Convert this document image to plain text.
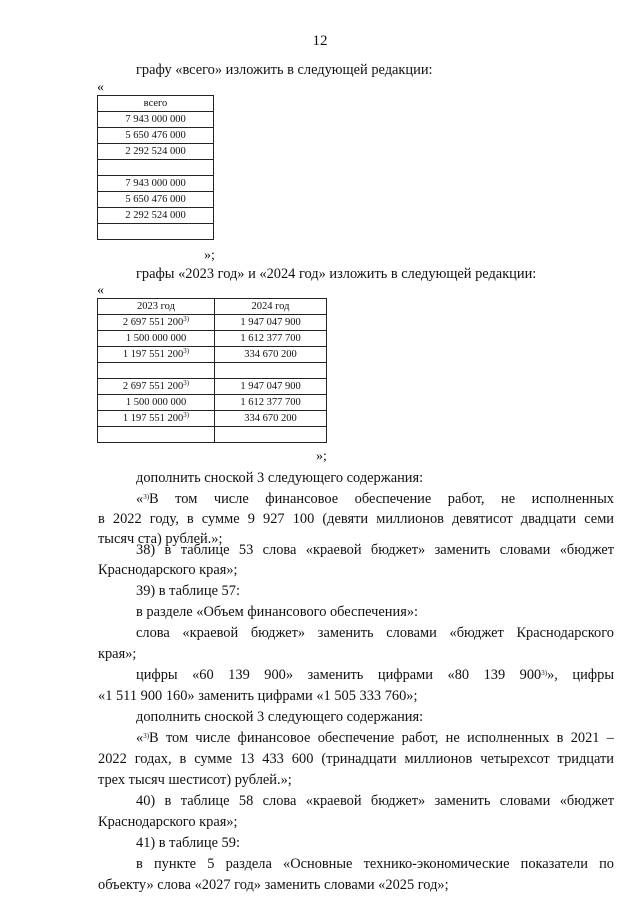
12
графу «всего» изложить в следующей редакции:
«
всего
7 943 000 000
5 650 476 000
2 292 524 000

7 943 000 000
5 650 476 000
2 292 524 000

»;
графы «2023 год» и «2024 год» изложить в следующей редакции:
«
2023 год	2024 год
2 697 551 200$^{3)}$	1 947 047 900
1 500 000 000	1 612 377 700
1 197 551 200$^{3)}$	334 670 200

2 697 551 200$^{3)}$	1 947 047 900
1 500 000 000	1 612 377 700
1 197 551 200$^{3)}$	334 670 200

»;
дополнить сноской 3 следующего содержания:
«$^{3)}$В том числе финансовое обеспечение работ, не исполненных
в 2022 году, в сумме 9 927 100 (девяти миллионов девятисот двадцати семи
тысяч ста) рублей.»;
38) в таблице 53 слова «краевой бюджет» заменить словами «бюджет
Краснодарского края»;
39) в таблице 57:
в разделе «Объем финансового обеспечения»:
слова «краевой бюджет» заменить словами «бюджет Краснодарского
края»;
цифры «60 139 900» заменить цифрами «80 139 900$^{3)}$», цифры
«1 511 900 160» заменить цифрами «1 505 333 760»;
дополнить сноской 3 следующего содержания:
«$^{3)}$В том числе финансовое обеспечение работ, не исполненных в 2021 –
2022 годах, в сумме 13 433 600 (тринадцати миллионов четырехсот тридцати
трех тысяч шестисот) рублей.»;
40) в таблице 58 слова «краевой бюджет» заменить словами «бюджет
Краснодарского края»;
41) в таблице 59:
в пункте 5 раздела «Основные технико-экономические показатели по
объекту» слова «2027 год» заменить словами «2025 год»;
